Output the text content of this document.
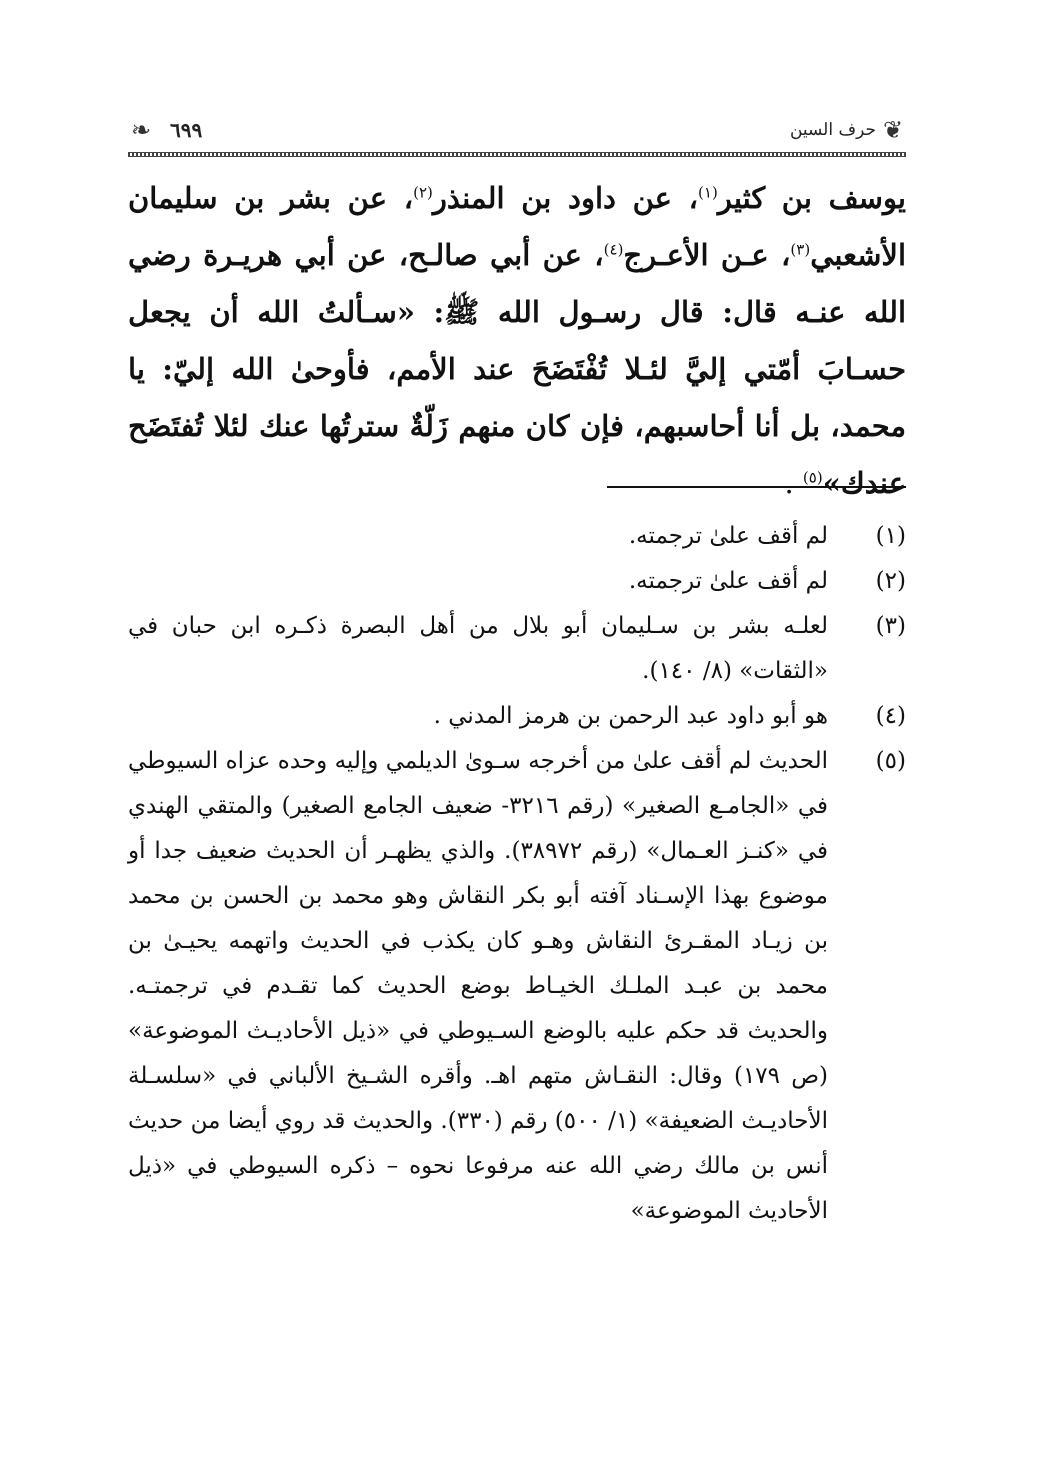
❦
حرف السين
٦٩٩
❧
يوسف بن كثير$^{(١)}$، عن داود بن المنذر$^{(٢)}$، عن بشر بن سليمان الأشعبي$^{(٣)}$، عـن الأعـرج$^{(٤)}$، عن أبي صالـح، عن أبي هريـرة رضي الله عنـه قال: قال رسـول الله ﷺ: «سـألتُ الله أن يجعل حسـابَ أمّتي إليَّ لئـلا تُفْتَضَحَ عند الأمم، فأوحىٰ الله إليّ: يا محمد، بل أنا أحاسبهم، فإن كان منهم زَلّةٌ سترتُها عنك لئلا تُفتَضَح عندك»$^{(٥)}$ .
(١)
لم أقف علىٰ ترجمته.
(٢)
لم أقف علىٰ ترجمته.
(٣)
لعلـه بشر بن سـليمان أبو بلال من أهل البصرة ذكـره ابن حبان في «الثقات» (٨/ ١٤٠).
(٤)
هو أبو داود عبد الرحمن بن هرمز المدني .
(٥)
الحديث لم أقف علىٰ من أخرجه سـوىٰ الديلمي وإليه وحده عزاه السيوطي في «الجامـع الصغير» (رقم ٣٢١٦- ضعيف الجامع الصغير) والمتقي الهندي في «كنـز العـمال» (رقم ٣٨٩٧٢). والذي يظهـر أن الحديث ضعيف جدا أو موضوع بهذا الإسـناد آفته أبو بكر النقاش وهو محمد بن الحسن بن محمد بن زيـاد المقـرئ النقاش وهـو كان يكذب في الحديث واتهمه يحيـىٰ بن محمد بن عبـد الملـك الخيـاط بوضع الحديث كما تقـدم في ترجمتـه. والحديث قد حكم عليه بالوضع السـيوطي في «ذيل الأحاديـث الموضوعة» (ص ١٧٩) وقال: النقـاش متهم اهـ. وأقره الشـيخ الألباني في «سلسـلة الأحاديـث الضعيفة» (١/ ٥٠٠) رقم (٣٣٠). والحديث قد روي أيضا من حديث أنس بن مالك رضي الله عنه مرفوعا نحوه – ذكره السيوطي في «ذيل الأحاديث الموضوعة»
